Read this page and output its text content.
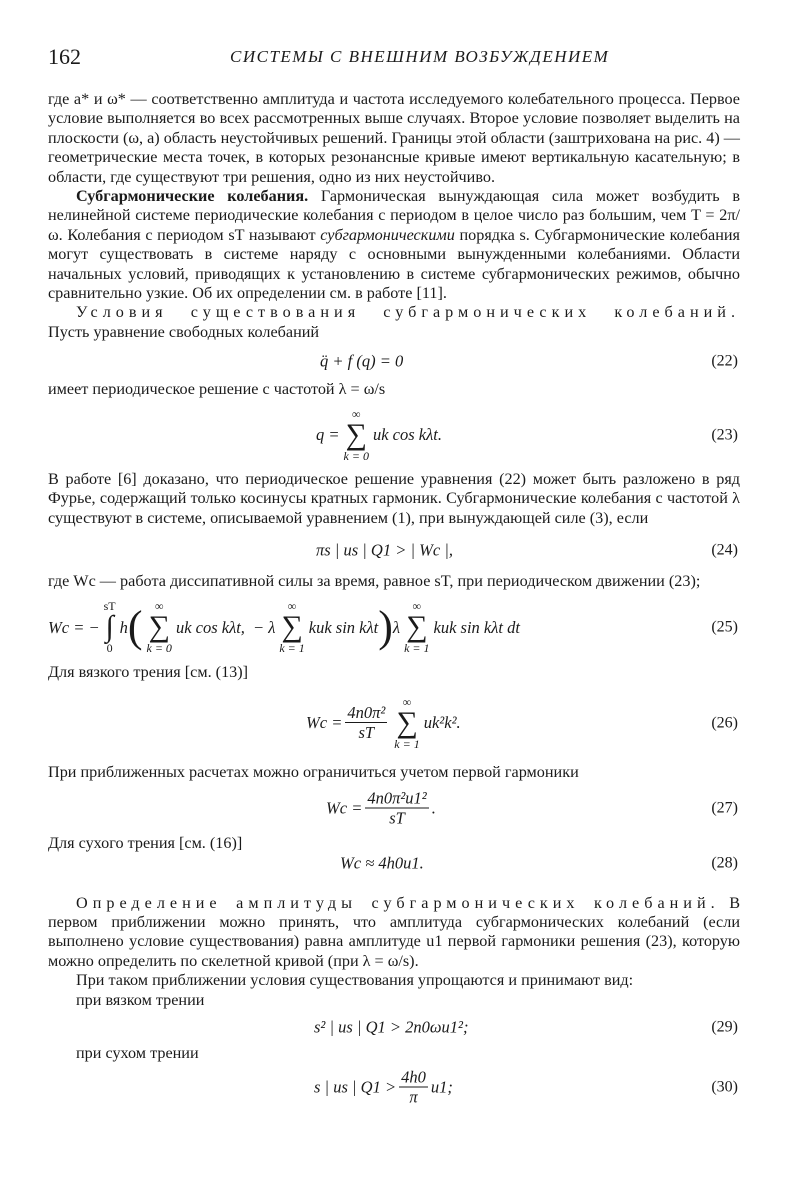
162	СИСТЕМЫ С ВНЕШНИМ ВОЗБУЖДЕНИЕМ

где a* и ω* — соответственно амплитуда и частота исследуемого колебательного процесса. Первое условие выполняется во всех рассмотренных выше случаях. Второе условие позволяет выделить на плоскости (ω, a) область неустойчивых решений. Границы этой области (заштрихована на рис. 4) — геометрические места точек, в которых резонансные кривые имеют вертикальную касательную; в области, где существуют три решения, одно из них неустойчиво.

Субгармонические колебания. Гармоническая вынуждающая сила может возбудить в нелинейной системе периодические колебания с периодом в целое число раз большим, чем T = 2π/ω. Колебания с периодом sT называют субгармоническими порядка s. Субгармонические колебания могут существовать в системе наряду с основными вынужденными колебаниями. Области начальных условий, приводящих к установлению в системе субгармонических режимов, обычно сравнительно узкие. Об их определении см. в работе [11].

Условия существования субгармонических колебаний. Пусть уравнение свободных колебаний

q̈ + f (q) = 0	(22)

имеет периодическое решение с частотой λ = ω/s

q =
∞
∑
k = 0
uk cos kλt.	(23)

В работе [6] доказано, что периодическое решение уравнения (22) может быть разложено в ряд Фурье, содержащий только косинусы кратных гармоник. Субгармонические колебания с частотой λ существуют в системе, описываемой уравнением (1), при вынуждающей силе (3), если

πs | us | Q1 > | Wc |,	(24)

где Wc — работа диссипативной силы за время, равное sT, при периодическом движении (23);

Wc = −
sT
∫
0
h ( ∞
∑
k = 0
uk cos kλt, − λ
∞
∑
k = 1
kuk sin kλt ) λ
∞
∑
k = 1
kuk sin kλt dt	(25)

Для вязкого трения [см. (13)]

$Wc = \frac{\text{4n0π²}}{sT}$
∞
∑
k = 1
uk²k².	(26)

При приближенных расчетах можно ограничиться учетом первой гармоники

$Wc = \frac{\text{4n0π²u1²}}{sT}$ .	(27)

Для сухого трения [см. (16)]

Wc ≈ 4h0u1.	(28)

Определение амплитуды субгармонических колебаний. В первом приближении можно принять, что амплитуда субгармонических колебаний (если выполнено условие существования) равна амплитуде u1 первой гармоники решения (23), которую можно определить по скелетной кривой (при λ = ω/s).

При таком приближении условия существования упрощаются и принимают вид:

при вязком трении

s² | us | Q1 > 2n0ωu1²;	(29)

при сухом трении

s | us | $Q1 > \frac{4h0}{\pi} u1$;	(30)
